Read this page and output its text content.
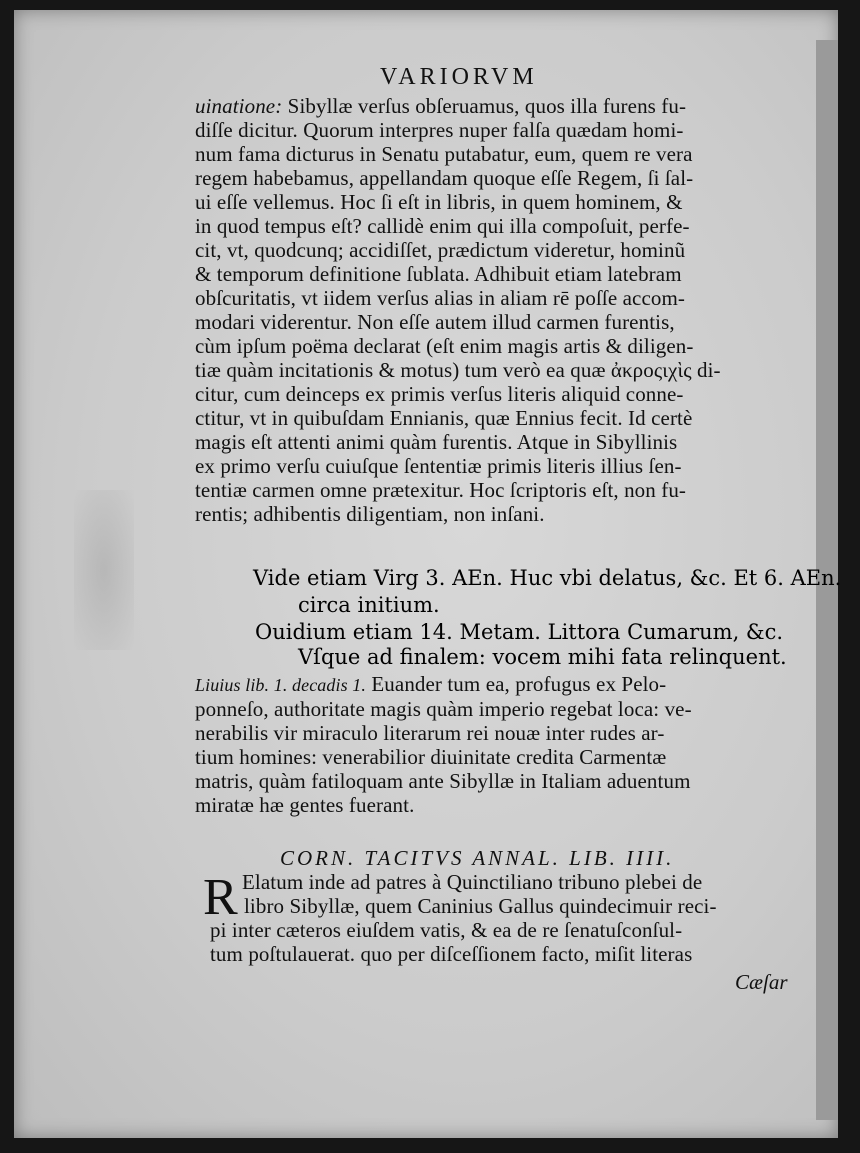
VARIORVM
uinatione: Sibyllæ verſus obſeruamus, quos illa furens fu-
diſſe dicitur. Quorum interpres nuper falſa quædam homi-
num fama dicturus in Senatu putabatur, eum, quem re vera
regem habebamus, appellandam quoque eſſe Regem, ſi ſal-
ui eſſe vellemus. Hoc ſi eſt in libris, in quem hominem, &
in quod tempus eſt? callidè enim qui illa compoſuit, perfe-
cit, vt, quodcunq; accidiſſet, prædictum videretur, hominũ
& temporum definitione ſublata. Adhibuit etiam latebram
obſcuritatis, vt iidem verſus alias in aliam rē poſſe accom-
modari viderentur. Non eſſe autem illud carmen furentis,
cùm ipſum poëma declarat (eſt enim magis artis & diligen-
tiæ quàm incitationis & motus) tum verò ea quæ ἀκροςιχὶς di-
citur, cum deinceps ex primis verſus literis aliquid conne-
ctitur, vt in quibuſdam Ennianis, quæ Ennius fecit. Id certè
magis eſt attenti animi quàm furentis. Atque in Sibyllinis
ex primo verſu cuiuſque ſententiæ primis literis illius ſen-
tentiæ carmen omne prætexitur. Hoc ſcriptoris eſt, non fu-
rentis; adhibentis diligentiam, non inſani.
Vide etiam Virg 3. AEn. Huc vbi delatus, &c. Et 6. AEn.
circa initium.
Ouidium etiam 14. Metam. Littora Cumarum, &c.
Vſque ad finalem: vocem mihi fata relinquent.
Liuius lib. 1. decadis 1. Euander tum ea, profugus ex Pelo-
ponneſo, authoritate magis quàm imperio regebat loca: ve-
nerabilis vir miraculo literarum rei nouæ inter rudes ar-
tium homines: venerabilior diuinitate credita Carmentæ
matris, quàm fatiloquam ante Sibyllæ in Italiam aduentum
miratæ hæ gentes fuerant.
CORN. TACITVS ANNAL. LIB. IIII.
R Elatum inde ad patres à Quinctiliano tribuno plebei de
libro Sibyllæ, quem Caninius Gallus quindecimuir reci-
pi inter cæteros eiuſdem vatis, & ea de re ſenatuſconſul-
tum poſtulauerat. quo per diſceſſionem facto, miſit literas
Cæſar
